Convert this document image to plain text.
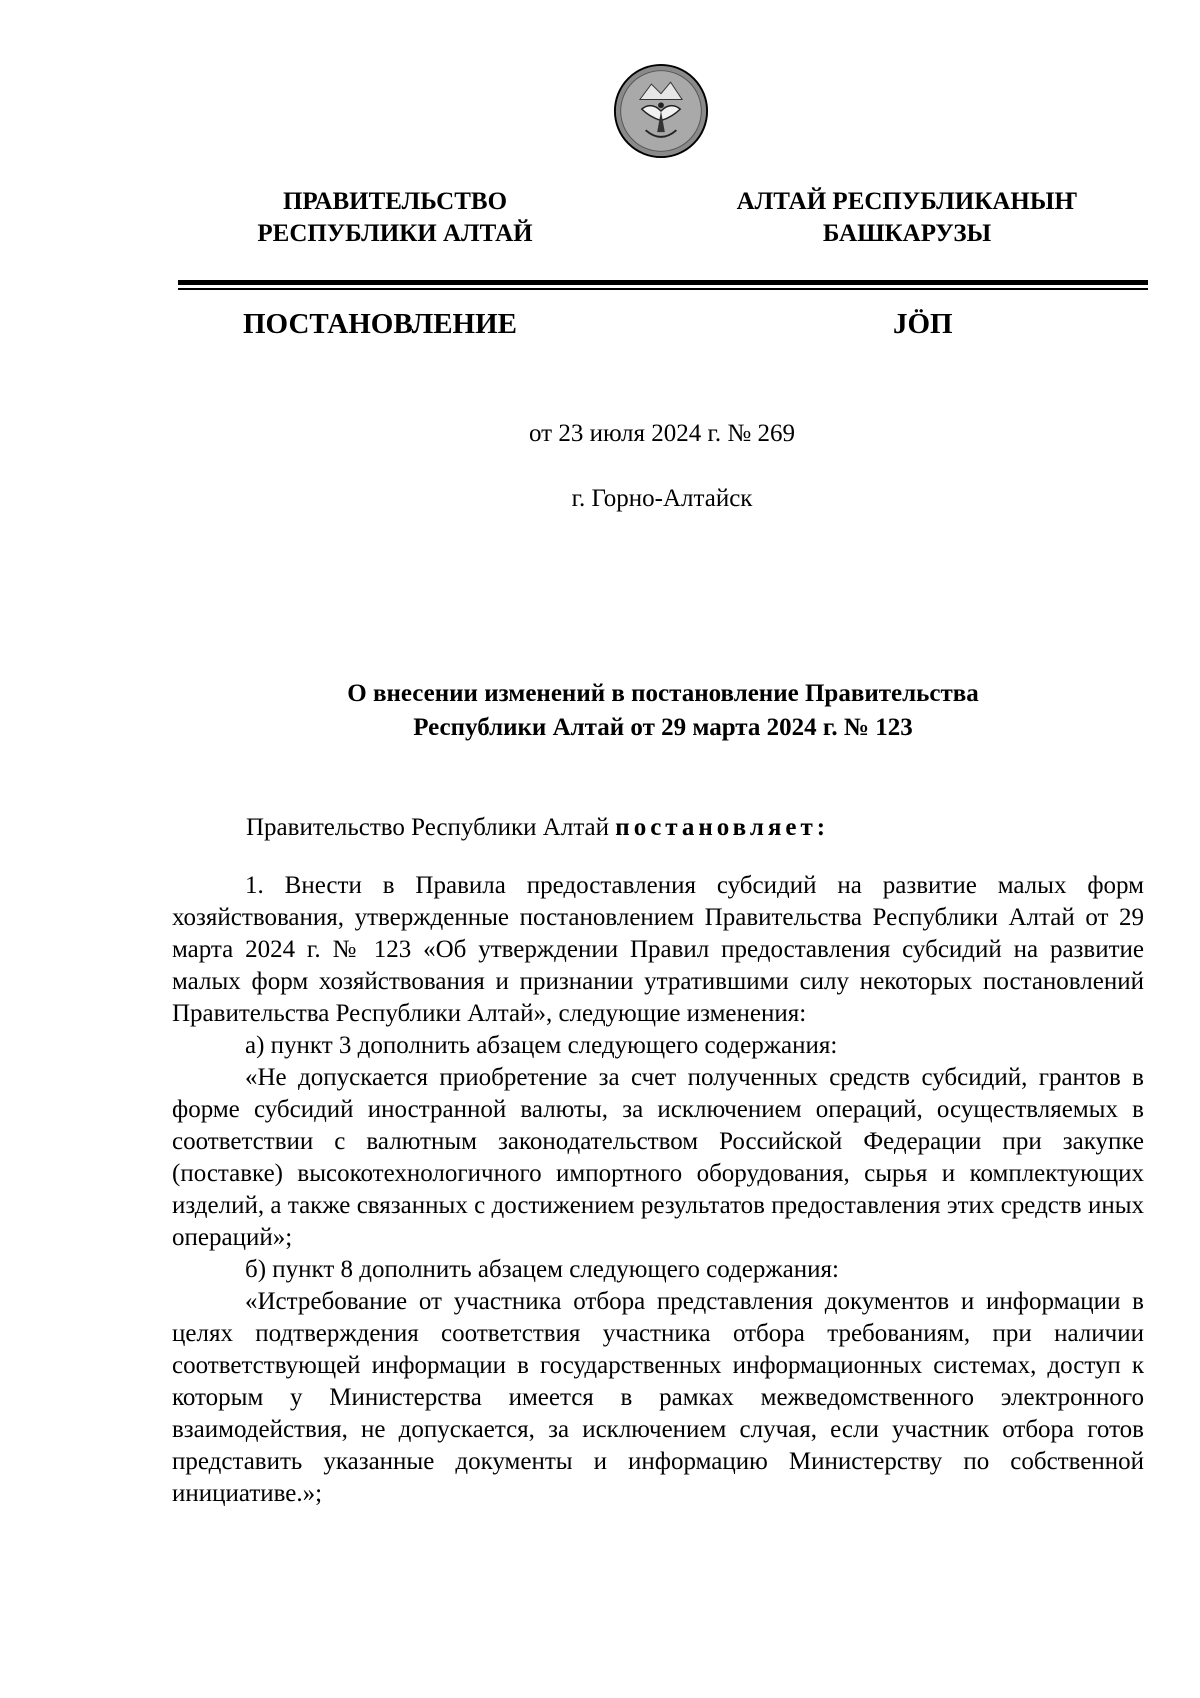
ПРАВИТЕЛЬСТВО
РЕСПУБЛИКИ АЛТАЙ
АЛТАЙ РЕСПУБЛИКАНЫҤ
БАШКАРУЗЫ
ПОСТАНОВЛЕНИЕ	JӦП
от 23 июля 2024 г. № 269
г. Горно-Алтайск
О внесении изменений в постановление Правительства
Республики Алтай от 29 марта 2024 г. № 123
Правительство Республики Алтай постановляет:

1. Внести в Правила предоставления субсидий на развитие малых форм хозяйствования, утвержденные постановлением Правительства Республики Алтай от 29 марта 2024 г. № 123 «Об утверждении Правил предоставления субсидий на развитие малых форм хозяйствования и признании утратившими силу некоторых постановлений Правительства Республики Алтай», следующие изменения:

а) пункт 3 дополнить абзацем следующего содержания:

«Не допускается приобретение за счет полученных средств субсидий, грантов в форме субсидий иностранной валюты, за исключением операций, осуществляемых в соответствии с валютным законодательством Российской Федерации при закупке (поставке) высокотехнологичного импортного оборудования, сырья и комплектующих изделий, а также связанных с достижением результатов предоставления этих средств иных операций»;

б) пункт 8 дополнить абзацем следующего содержания:

«Истребование от участника отбора представления документов и информации в целях подтверждения соответствия участника отбора требованиям, при наличии соответствующей информации в государственных информационных системах, доступ к которым у Министерства имеется в рамках межведомственного электронного взаимодействия, не допускается, за исключением случая, если участник отбора готов представить указанные документы и информацию Министерству по собственной инициативе.»;
